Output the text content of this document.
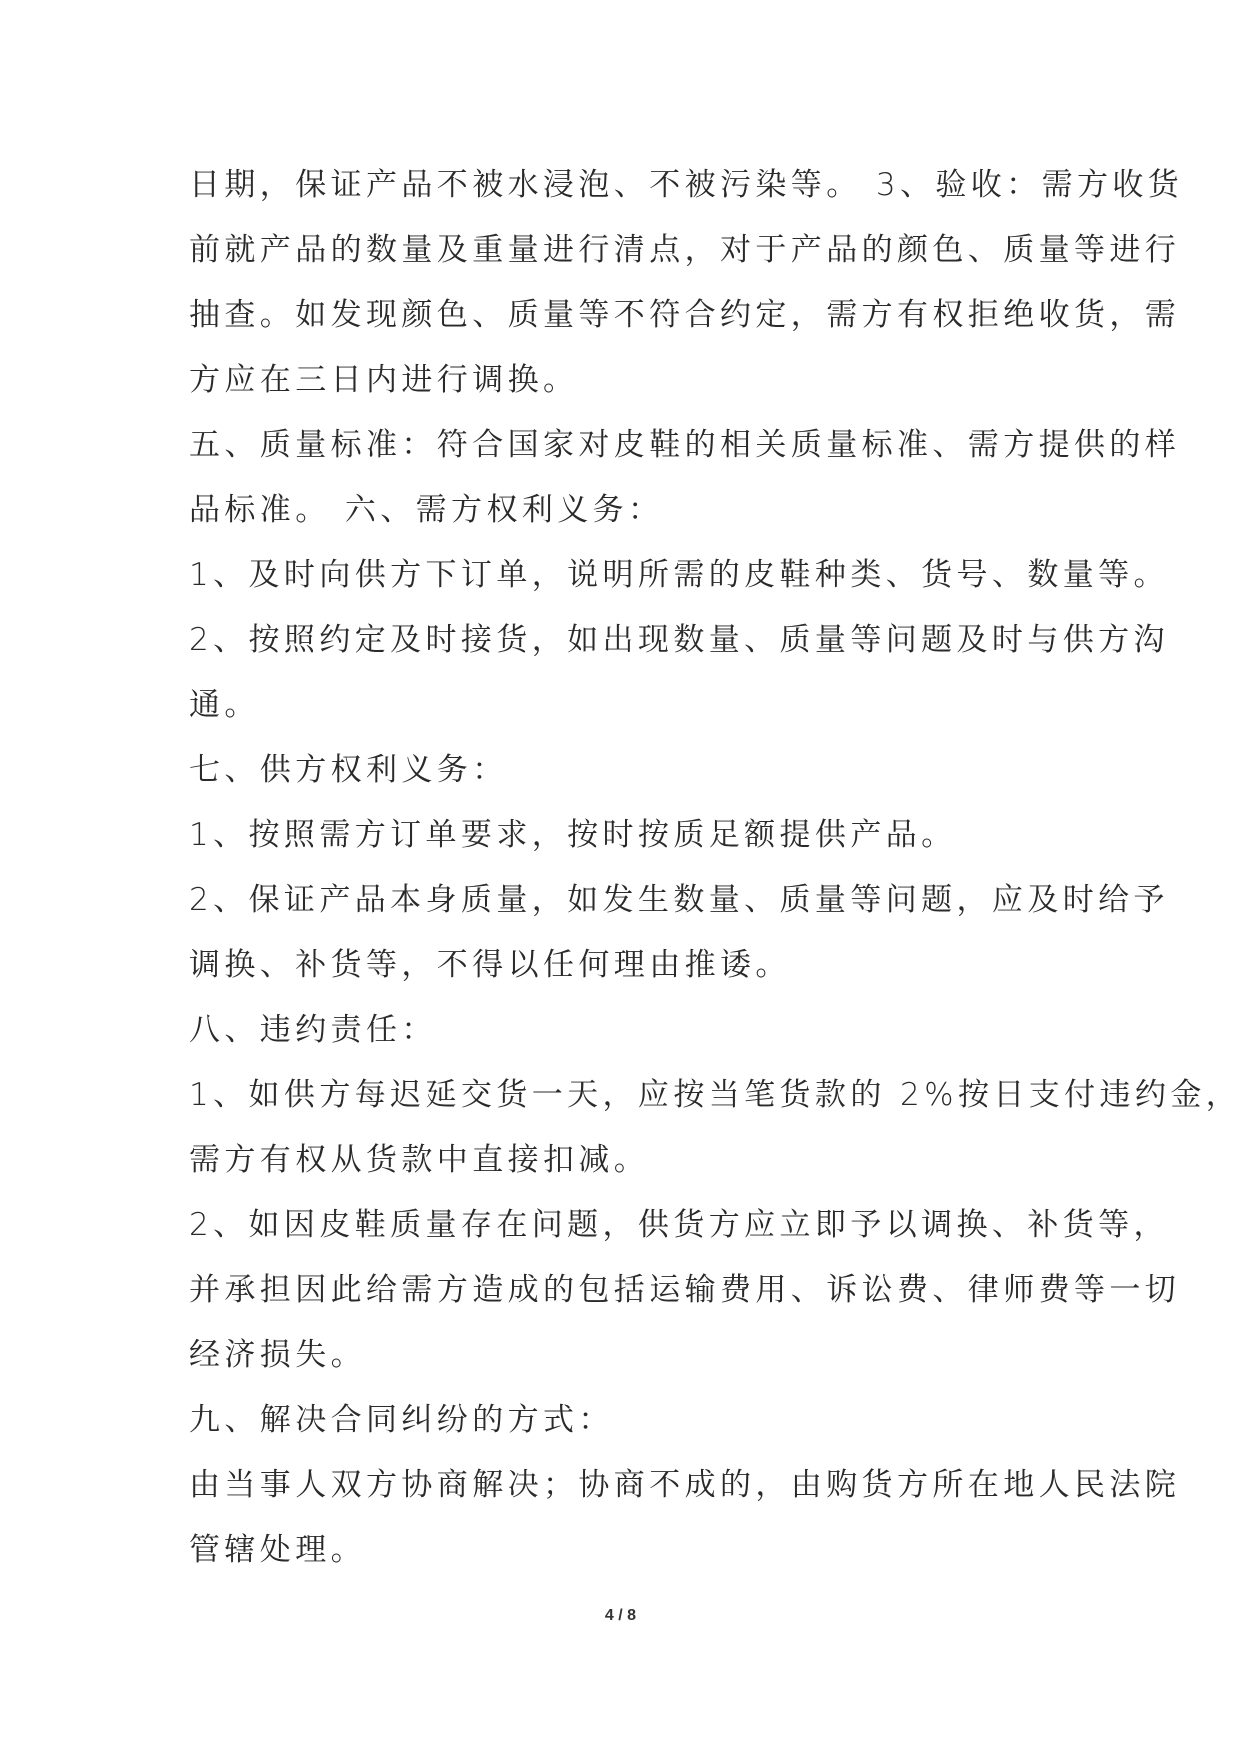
日期，保证产品不被水浸泡、不被污染等。 3、验收：需方收货
前就产品的数量及重量进行清点，对于产品的颜色、质量等进行
抽查。如发现颜色、质量等不符合约定，需方有权拒绝收货，需
方应在三日内进行调换。
五、质量标准：符合国家对皮鞋的相关质量标准、需方提供的样
品标准。 六、需方权利义务：
1、及时向供方下订单，说明所需的皮鞋种类、货号、数量等。
2、按照约定及时接货，如出现数量、质量等问题及时与供方沟
通。
七、供方权利义务：
1、按照需方订单要求，按时按质足额提供产品。
2、保证产品本身质量，如发生数量、质量等问题，应及时给予
调换、补货等，不得以任何理由推诿。
八、违约责任：
1、如供方每迟延交货一天，应按当笔货款的 2%按日支付违约金，
需方有权从货款中直接扣减。
2、如因皮鞋质量存在问题，供货方应立即予以调换、补货等，
并承担因此给需方造成的包括运输费用、诉讼费、律师费等一切
经济损失。
九、解决合同纠纷的方式：
由当事人双方协商解决；协商不成的，由购货方所在地人民法院
管辖处理。
4 / 8
